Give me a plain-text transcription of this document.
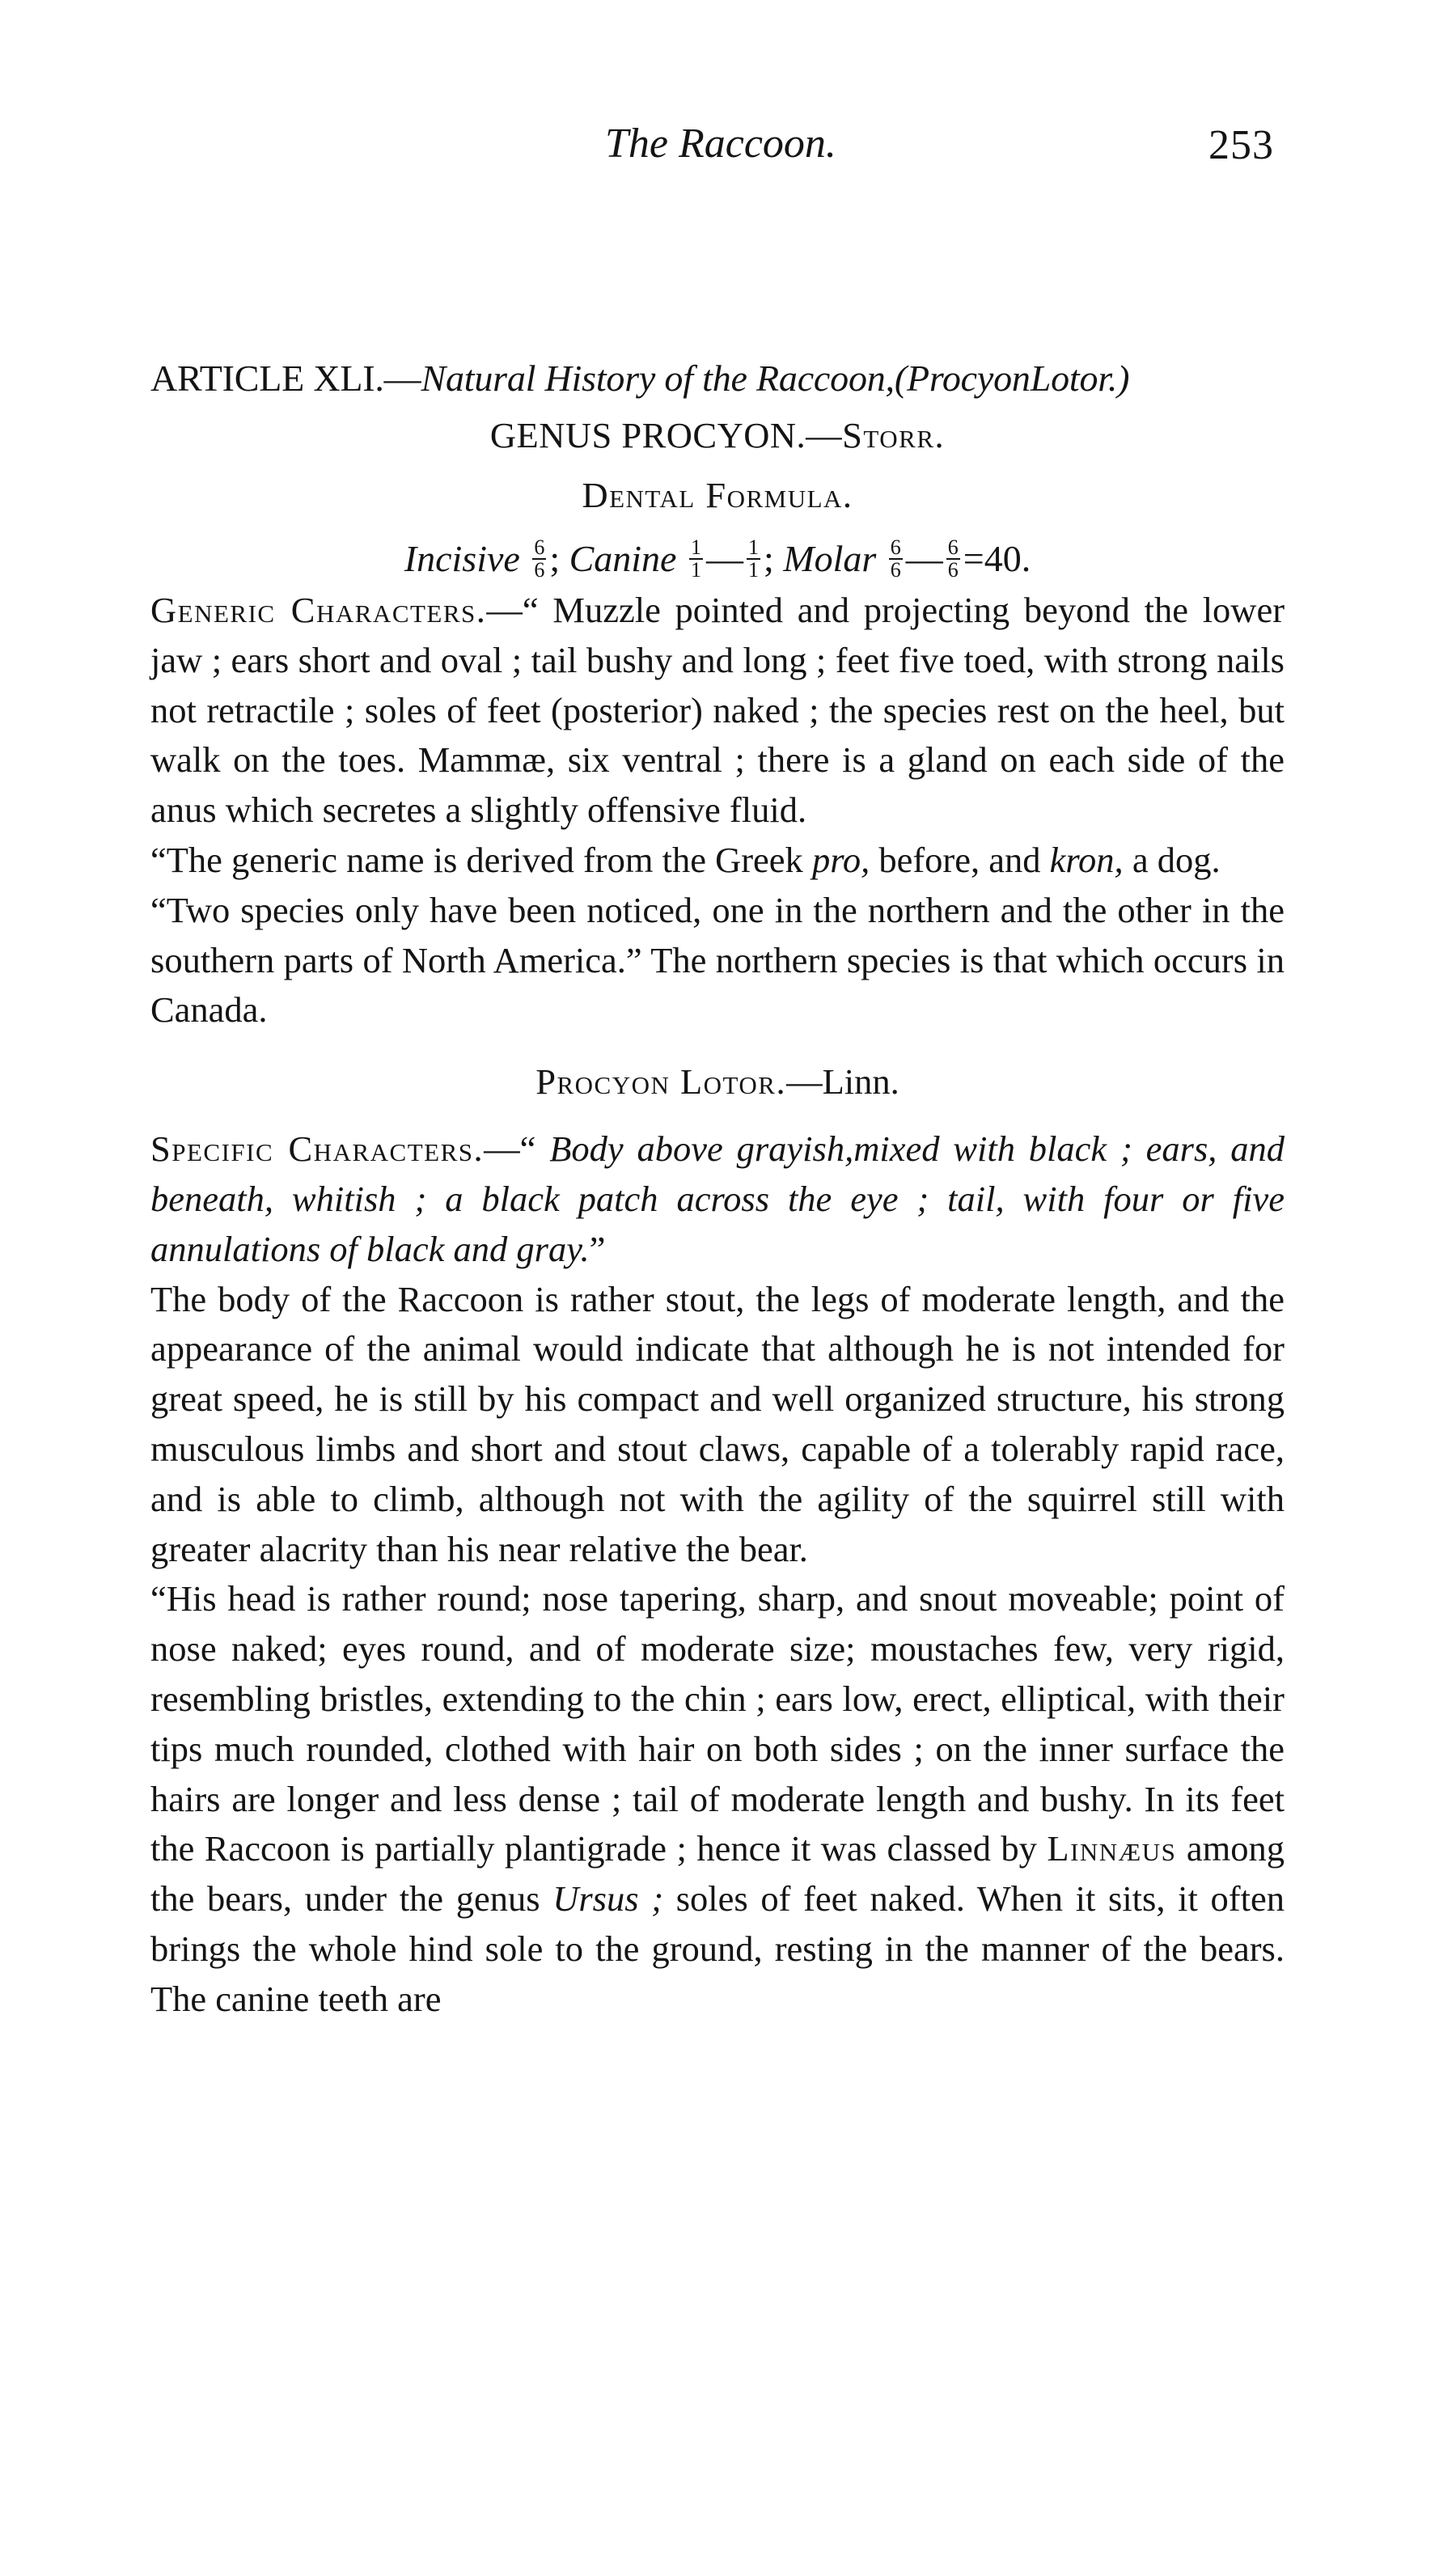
The Raccoon.	253
ARTICLE XLI.—Natural History of the Raccoon,(ProcyonLotor.)
GENUS PROCYON.—Storr.
Dental Formula.
Incisive $\frac{6}{6}$ ; Canine $\frac{1}{1}$ — $\frac{1}{1}$ ; Molar $\frac{6}{6}$ — $\frac{6}{6} =40$.

Generic Characters.—“ Muzzle pointed and projecting beyond the lower jaw ; ears short and oval ; tail bushy and long ; feet five toed, with strong nails not retractile ; soles of feet (posterior) naked ; the species rest on the heel, but walk on the toes. Mammæ, six ventral ; there is a gland on each side of the anus which secretes a slightly offensive fluid.

“The generic name is derived from the Greek pro, before, and kron, a dog.

“Two species only have been noticed, one in the northern and the other in the southern parts of North America.” The northern species is that which occurs in Canada.

Procyon Lotor.—Linn.

Specific Characters.—“ Body above grayish,mixed with black ; ears, and beneath, whitish ; a black patch across the eye ; tail, with four or five annulations of black and gray.”

The body of the Raccoon is rather stout, the legs of moderate length, and the appearance of the animal would indicate that although he is not intended for great speed, he is still by his compact and well organized structure, his strong musculous limbs and short and stout claws, capable of a tolerably rapid race, and is able to climb, although not with the agility of the squirrel still with greater alacrity than his near relative the bear.

“His head is rather round; nose tapering, sharp, and snout moveable; point of nose naked; eyes round, and of moderate size; moustaches few, very rigid, resembling bristles, extending to the chin ; ears low, erect, elliptical, with their tips much rounded, clothed with hair on both sides ; on the inner surface the hairs are longer and less dense ; tail of moderate length and bushy. In its feet the Raccoon is partially plantigrade ; hence it was classed by Linnæus among the bears, under the genus Ursus ; soles of feet naked. When it sits, it often brings the whole hind sole to the ground, resting in the manner of the bears. The canine teeth are
